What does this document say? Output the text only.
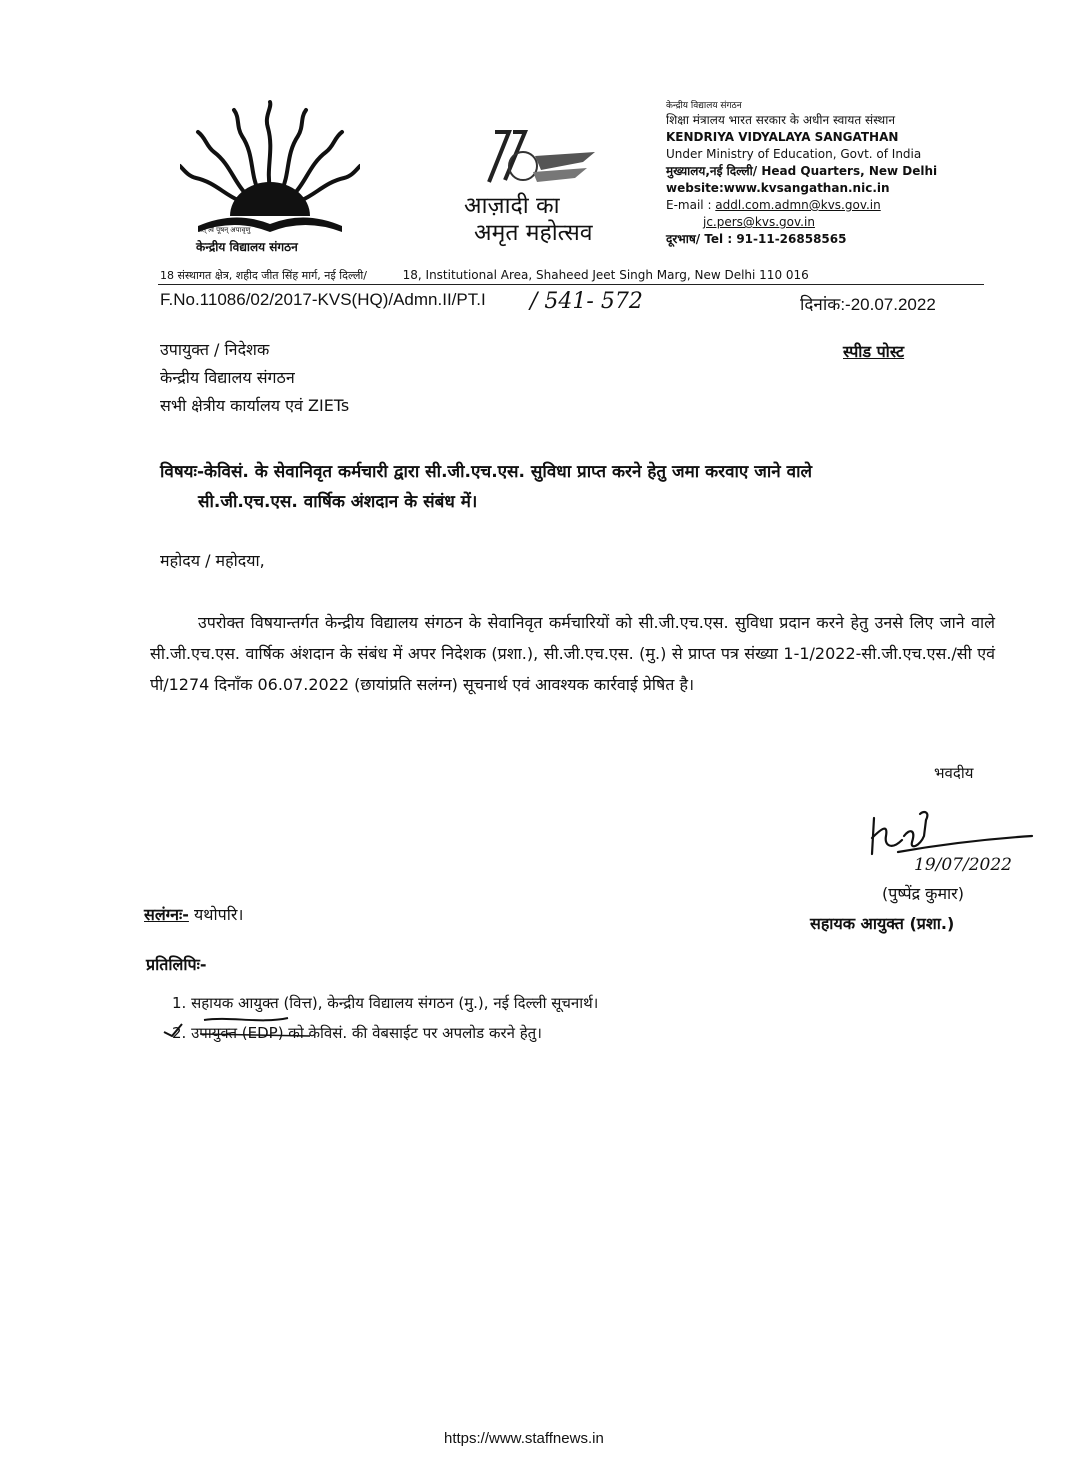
तत् त्वं पूषन् अपावृणु
केन्द्रीय विद्यालय संगठन
आज़ादी का
अमृत महोत्सव
केन्द्रीय विद्यालय संगठन
शिक्षा मंत्रालय भारत सरकार के अधीन स्वायत संस्थान
KENDRIYA VIDYALAYA SANGATHAN
Under Ministry of Education, Govt. of India
मुख्यालय,नई दिल्ली/ Head Quarters, New Delhi
website:www.kvsangathan.nic.in
E-mail : addl.com.admn@kvs.gov.in
jc.pers@kvs.gov.in
दूरभाष/ Tel : 91-11-26858565
18 संस्थागत क्षेत्र, शहीद जीत सिंह मार्ग, नई दिल्ली/	18, Institutional Area, Shaheed Jeet Singh Marg, New Delhi 110 016
F.No.11086/02/2017-KVS(HQ)/Admn.II/PT.I / 541- 572	दिनांक:-20.07.2022
उपायुक्त / निदेशक
केन्द्रीय विद्यालय संगठन
सभी क्षेत्रीय कार्यालय एवं ZIETs
स्पीड पोस्ट
विषयः-केविसं. के सेवानिवृत कर्मचारी द्वारा सी.जी.एच.एस. सुविधा प्राप्त करने हेतु जमा करवाए जाने वाले
सी.जी.एच.एस. वार्षिक अंशदान के संबंध में।
महोदय / महोदया,
उपरोक्त विषयान्तर्गत केन्द्रीय विद्यालय संगठन के सेवानिवृत कर्मचारियों को सी.जी.एच.एस. सुविधा प्रदान करने हेतु उनसे लिए जाने वाले सी.जी.एच.एस. वार्षिक अंशदान के संबंध में अपर निदेशक (प्रशा.), सी.जी.एच.एस. (मु.) से प्राप्त पत्र संख्या 1-1/2022-सी.जी.एच.एस./सी एवं पी/1274 दिनाँक 06.07.2022 (छायांप्रति सलंग्न) सूचनार्थ एवं आवश्यक कार्रवाई प्रेषित है।
भवदीय
19/07/2022
(पुष्पेंद्र कुमार)
सहायक आयुक्त (प्रशा.)
सलंग्नः- यथोपरि।
प्रतिलिपिः-
1. सहायक आयुक्त (वित्त), केन्द्रीय विद्यालय संगठन (मु.), नई दिल्ली सूचनार्थ।
2. उपायुक्त (EDP) को केविसं. की वेबसाईट पर अपलोड करने हेतु।
https://www.staffnews.in
